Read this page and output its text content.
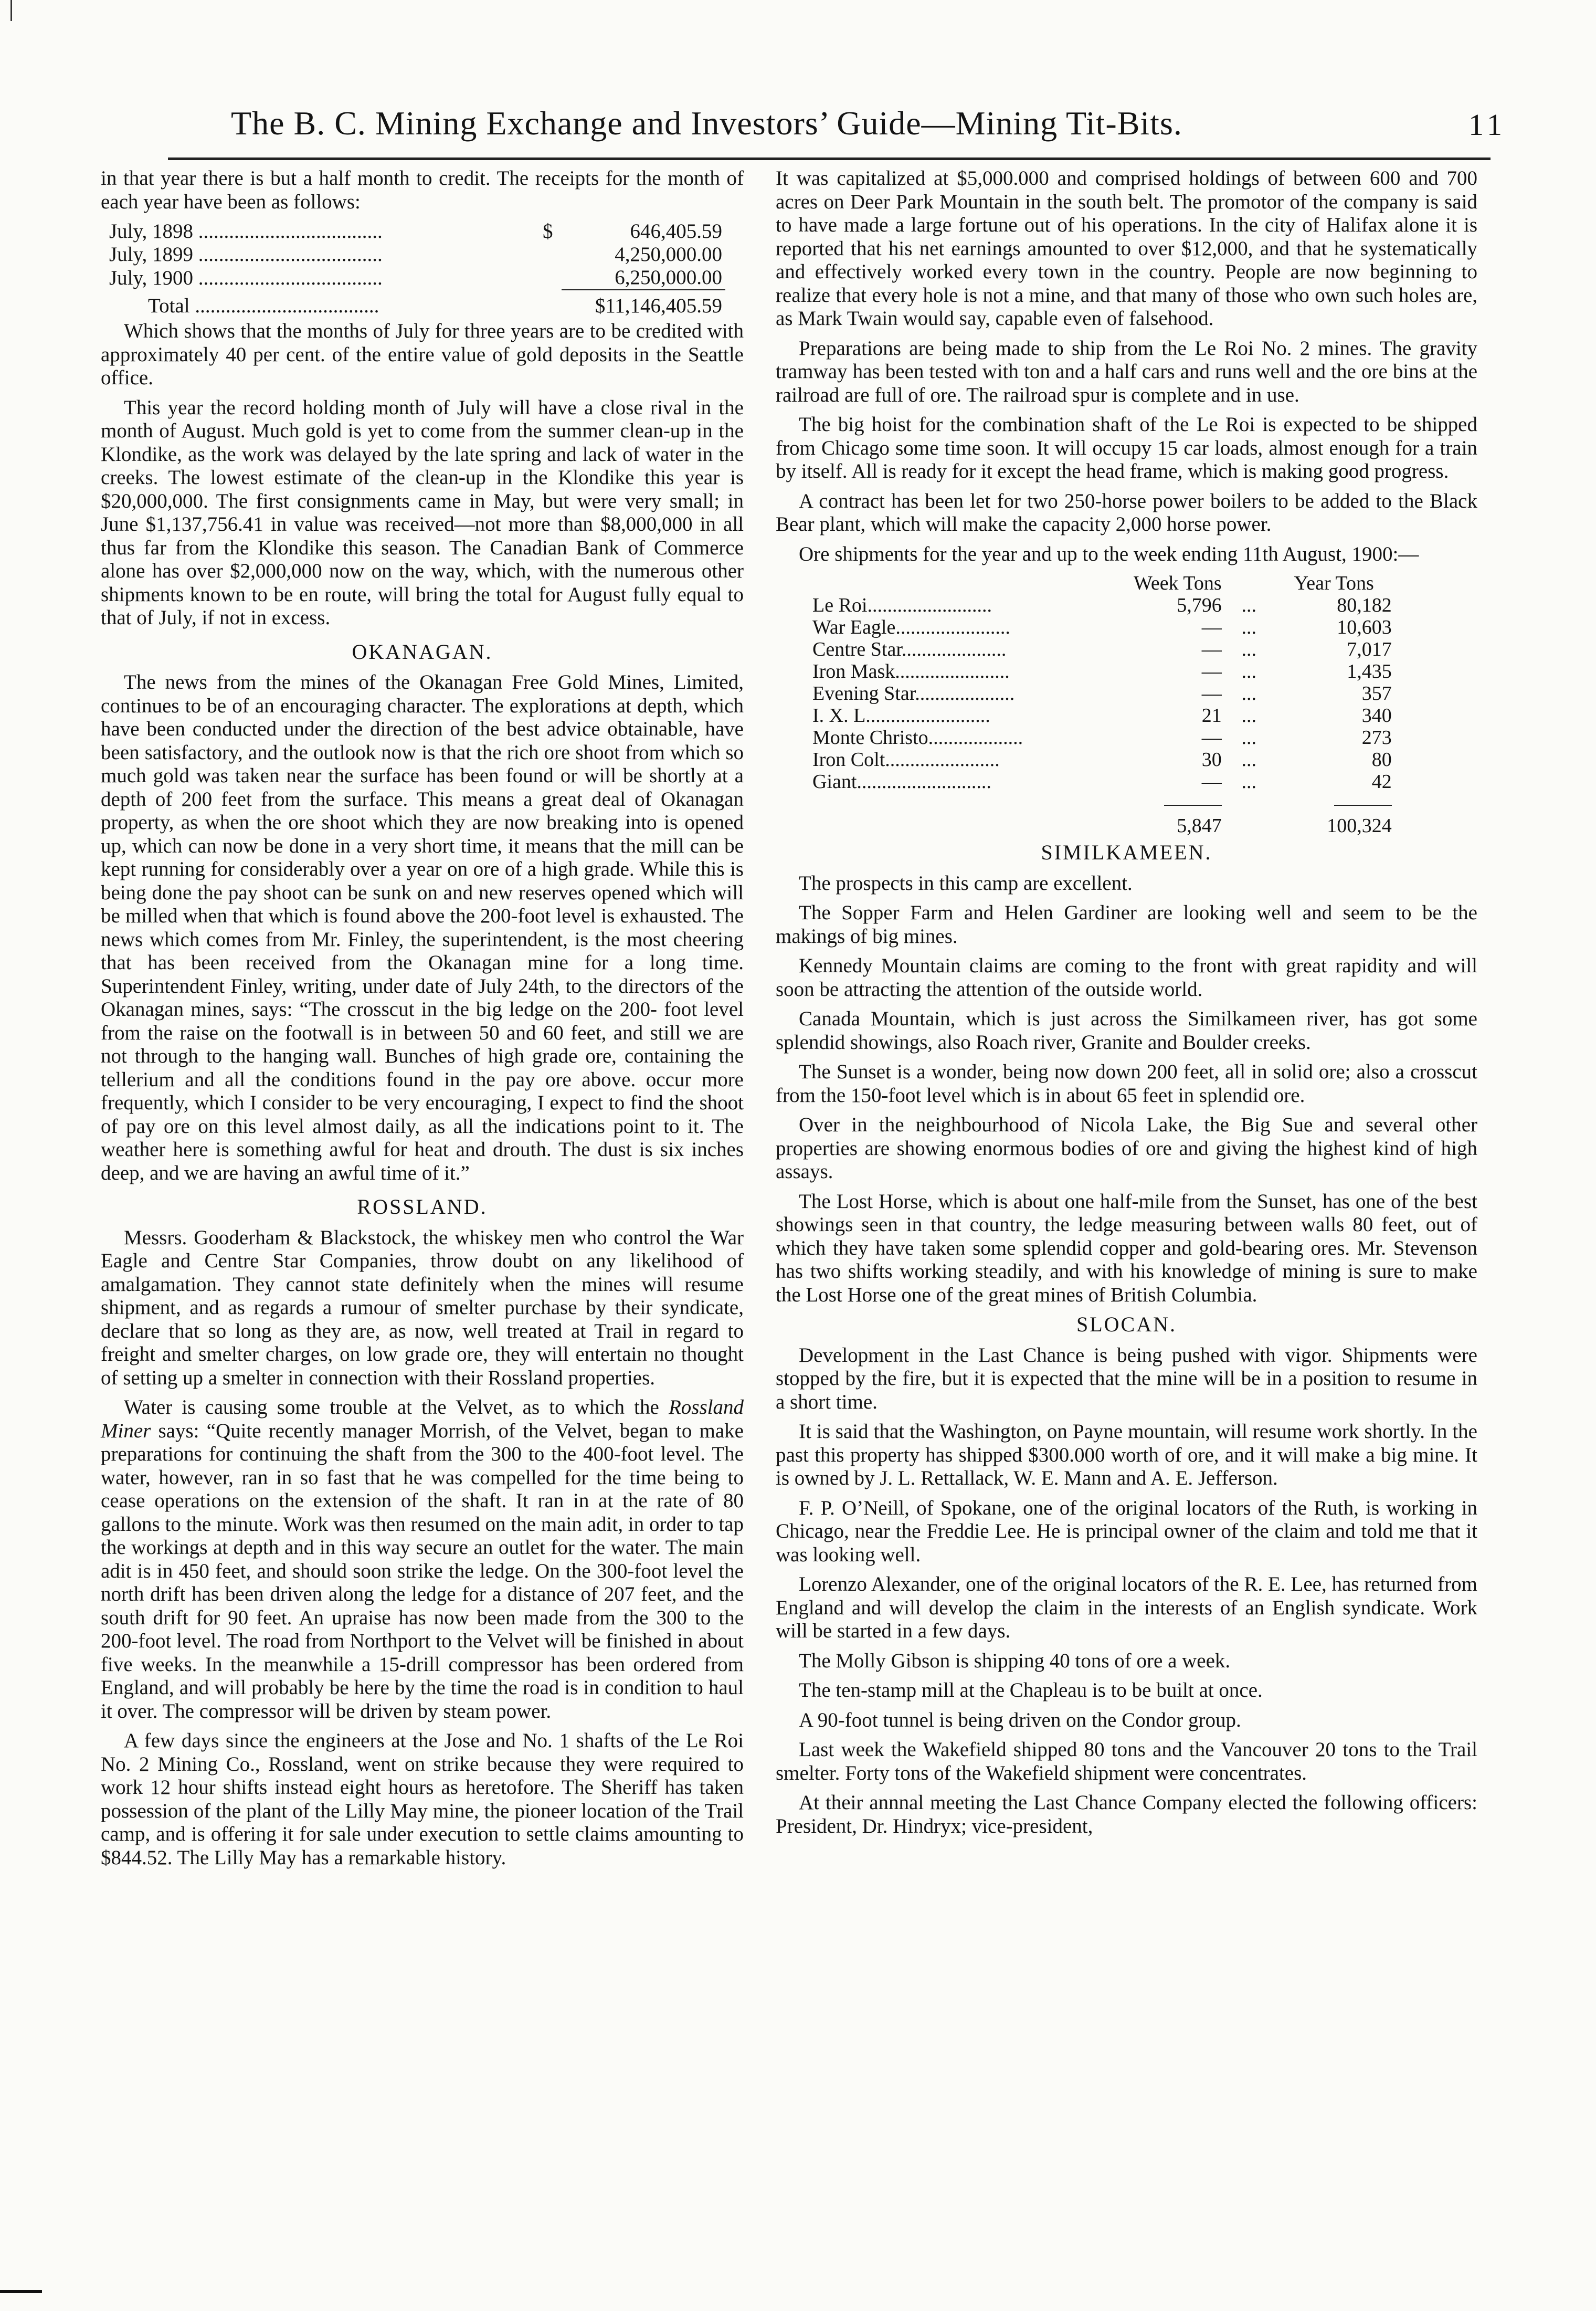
The B. C. Mining Exchange and Investors’ Guide—Mining Tit-Bits.	11

in that year there is but a half month to credit. The receipts for the month of each year have been as follows:

July, 1898 ....................................	$	646,405.59
July, 1899 ....................................		4,250,000.00
July, 1900 ....................................		6,250,000.00

Total ....................................	$11,146,405.59	

Which shows that the months of July for three years are to be credited with approximately 40 per cent. of the entire value of gold deposits in the Seattle office.

This year the record holding month of July will have a close rival in the month of August. Much gold is yet to come from the summer clean-up in the Klondike, as the work was delayed by the late spring and lack of water in the creeks. The lowest estimate of the clean-up in the Klondike this year is $20,000,000. The first consignments came in May, but were very small; in June $1,137,756.41 in value was received—not more than $8,000,000 in all thus far from the Klondike this season. The Canadian Bank of Commerce alone has over $2,000,000 now on the way, which, with the numerous other shipments known to be en route, will bring the total for August fully equal to that of July, if not in excess.

OKANAGAN.

The news from the mines of the Okanagan Free Gold Mines, Limited, continues to be of an encouraging character. The explorations at depth, which have been conducted under the direction of the best advice obtainable, have been satisfactory, and the outlook now is that the rich ore shoot from which so much gold was taken near the surface has been found or will be shortly at a depth of 200 feet from the surface. This means a great deal of Okanagan property, as when the ore shoot which they are now breaking into is opened up, which can now be done in a very short time, it means that the mill can be kept running for considerably over a year on ore of a high grade. While this is being done the pay shoot can be sunk on and new reserves opened which will be milled when that which is found above the 200-foot level is exhausted. The news which comes from Mr. Finley, the superintendent, is the most cheering that has been received from the Okanagan mine for a long time. Superintendent Finley, writing, under date of July 24th, to the directors of the Okanagan mines, says: “The crosscut in the big ledge on the 200- foot level from the raise on the footwall is in between 50 and 60 feet, and still we are not through to the hanging wall. Bunches of high grade ore, containing the tellerium and all the conditions found in the pay ore above. occur more frequently, which I consider to be very encouraging, I expect to find the shoot of pay ore on this level almost daily, as all the indications point to it. The weather here is something awful for heat and drouth. The dust is six inches deep, and we are having an awful time of it.”

ROSSLAND.

Messrs. Gooderham & Blackstock, the whiskey men who control the War Eagle and Centre Star Companies, throw doubt on any likelihood of amalgamation. They cannot state definitely when the mines will resume shipment, and as regards a rumour of smelter purchase by their syndicate, declare that so long as they are, as now, well treated at Trail in regard to freight and smelter charges, on low grade ore, they will entertain no thought of setting up a smelter in connection with their Rossland properties.

Water is causing some trouble at the Velvet, as to which the Rossland Miner says: “Quite recently manager Morrish, of the Velvet, began to make preparations for continuing the shaft from the 300 to the 400-foot level. The water, however, ran in so fast that he was compelled for the time being to cease operations on the extension of the shaft. It ran in at the rate of 80 gallons to the minute. Work was then resumed on the main adit, in order to tap the workings at depth and in this way secure an outlet for the water. The main adit is in 450 feet, and should soon strike the ledge. On the 300-foot level the north drift has been driven along the ledge for a distance of 207 feet, and the south drift for 90 feet. An upraise has now been made from the 300 to the 200-foot level. The road from Northport to the Velvet will be finished in about five weeks. In the meanwhile a 15-drill compressor has been ordered from England, and will probably be here by the time the road is in condition to haul it over. The compressor will be driven by steam power.

A few days since the engineers at the Jose and No. 1 shafts of the Le Roi No. 2 Mining Co., Rossland, went on strike because they were required to work 12 hour shifts instead eight hours as heretofore. The Sheriff has taken possession of the plant of the Lilly May mine, the pioneer location of the Trail camp, and is offering it for sale under execution to settle claims amounting to $844.52. The Lilly May has a remarkable history.

It was capitalized at $5,000.000 and comprised holdings of between 600 and 700 acres on Deer Park Mountain in the south belt. The promotor of the company is said to have made a large fortune out of his operations. In the city of Halifax alone it is reported that his net earnings amounted to over $12,000, and that he systematically and effectively worked every town in the country. People are now beginning to realize that every hole is not a mine, and that many of those who own such holes are, as Mark Twain would say, capable even of falsehood.

Preparations are being made to ship from the Le Roi No. 2 mines. The gravity tramway has been tested with ton and a half cars and runs well and the ore bins at the railroad are full of ore. The railroad spur is complete and in use.

The big hoist for the combination shaft of the Le Roi is expected to be shipped from Chicago some time soon. It will occupy 15 car loads, almost enough for a train by itself. All is ready for it except the head frame, which is making good progress.

A contract has been let for two 250-horse power boilers to be added to the Black Bear plant, which will make the capacity 2,000 horse power.

Ore shipments for the year and up to the week ending 11th August, 1900:—

	Week Tons		Year Tons
Le Roi.........................	5,796	...	80,182
War Eagle.......................	—	...	10,603
Centre Star.....................	—	...	7,017
Iron Mask.......................	—	...	1,435
Evening Star....................	—	...	357
I. X. L.........................	21	...	340
Monte Christo...................	—	...	273
Iron Colt.......................	30	...	80
Giant...........................	—	...	42

	5,847		100,324
SIMILKAMEEN.

The prospects in this camp are excellent.

The Sopper Farm and Helen Gardiner are looking well and seem to be the makings of big mines.

Kennedy Mountain claims are coming to the front with great rapidity and will soon be attracting the attention of the outside world.

Canada Mountain, which is just across the Similkameen river, has got some splendid showings, also Roach river, Granite and Boulder creeks.

The Sunset is a wonder, being now down 200 feet, all in solid ore; also a crosscut from the 150-foot level which is in about 65 feet in splendid ore.

Over in the neighbourhood of Nicola Lake, the Big Sue and several other properties are showing enormous bodies of ore and giving the highest kind of high assays.

The Lost Horse, which is about one half-mile from the Sunset, has one of the best showings seen in that country, the ledge measuring between walls 80 feet, out of which they have taken some splendid copper and gold-bearing ores. Mr. Stevenson has two shifts working steadily, and with his knowledge of mining is sure to make the Lost Horse one of the great mines of British Columbia.

SLOCAN.

Development in the Last Chance is being pushed with vigor. Shipments were stopped by the fire, but it is expected that the mine will be in a position to resume in a short time.

It is said that the Washington, on Payne mountain, will resume work shortly. In the past this property has shipped $300.000 worth of ore, and it will make a big mine. It is owned by J. L. Rettallack, W. E. Mann and A. E. Jefferson.

F. P. O’Neill, of Spokane, one of the original locators of the Ruth, is working in Chicago, near the Freddie Lee. He is principal owner of the claim and told me that it was looking well.

Lorenzo Alexander, one of the original locators of the R. E. Lee, has returned from England and will develop the claim in the interests of an English syndicate. Work will be started in a few days.

The Molly Gibson is shipping 40 tons of ore a week.

The ten-stamp mill at the Chapleau is to be built at once.

A 90-foot tunnel is being driven on the Condor group.

Last week the Wakefield shipped 80 tons and the Vancouver 20 tons to the Trail smelter. Forty tons of the Wakefield shipment were concentrates.

At their annnal meeting the Last Chance Company elected the following officers: President, Dr. Hindryx; vice-president,
